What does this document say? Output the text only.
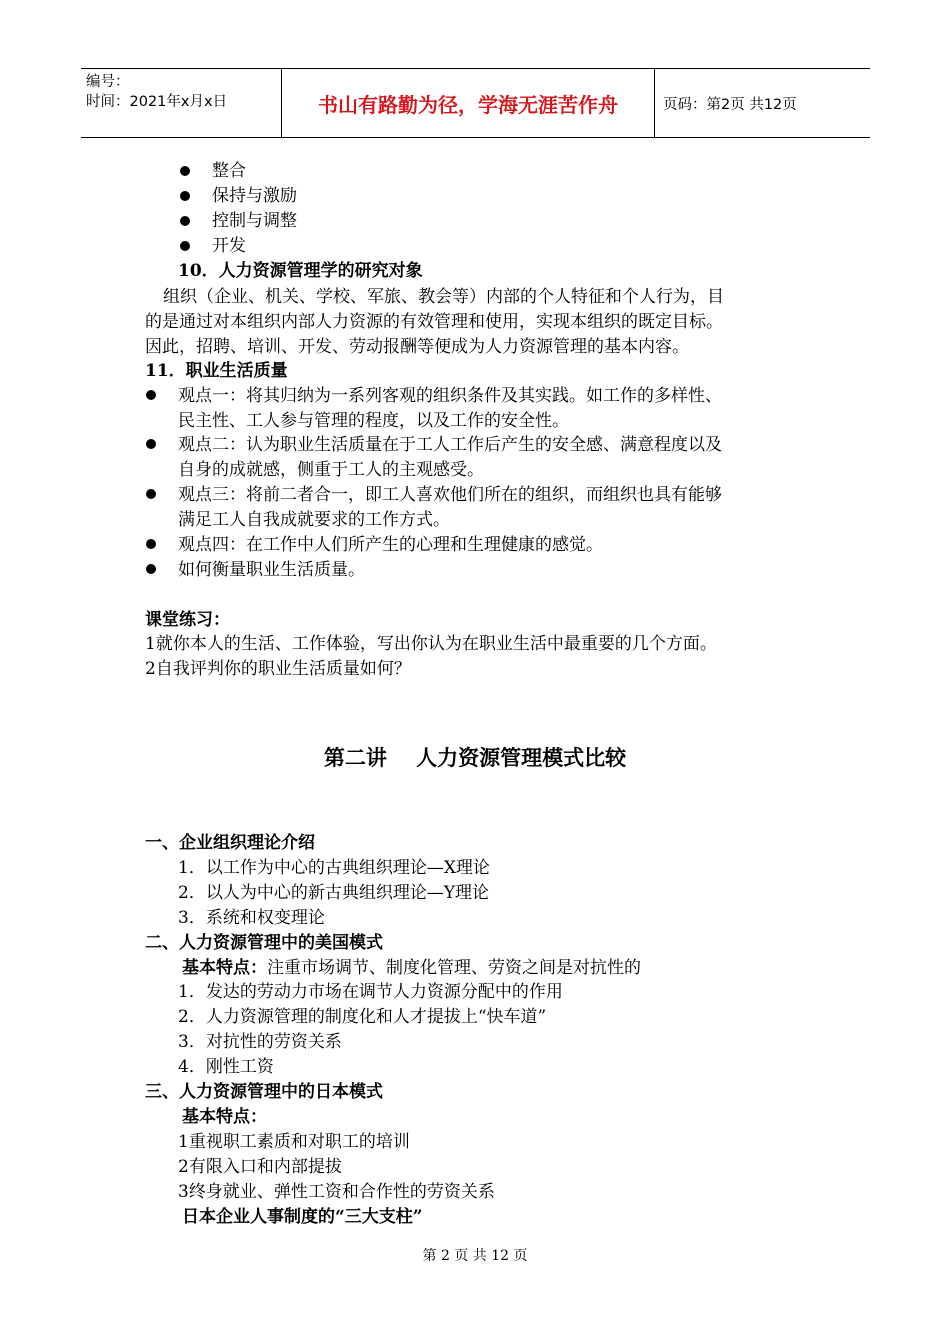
编号：
时间：2021年x月x日	书山有路勤为径，学海无涯苦作舟	页码：第2页 共12页
整合
保持与激励
控制与调整
开发
10．人力资源管理学的研究对象
组织（企业、机关、学校、军旅、教会等）内部的个人特征和个人行为，目
的是通过对本组织内部人力资源的有效管理和使用，实现本组织的既定目标。
因此，招聘、培训、开发、劳动报酬等便成为人力资源管理的基本内容。
11．职业生活质量
观点一：将其归纳为一系列客观的组织条件及其实践。如工作的多样性、
民主性、工人参与管理的程度，以及工作的安全性。
观点二：认为职业生活质量在于工人工作后产生的安全感、满意程度以及
自身的成就感，侧重于工人的主观感受。
观点三：将前二者合一，即工人喜欢他们所在的组织，而组织也具有能够
满足工人自我成就要求的工作方式。
观点四：在工作中人们所产生的心理和生理健康的感觉。
如何衡量职业生活质量。
课堂练习：
1就你本人的生活、工作体验，写出你认为在职业生活中最重要的几个方面。
2自我评判你的职业生活质量如何？
第二讲    人力资源管理模式比较
一、企业组织理论介绍
1．以工作为中心的古典组织理论—X理论
2．以人为中心的新古典组织理论—Y理论
3．系统和权变理论
二、人力资源管理中的美国模式
基本特点：注重市场调节、制度化管理、劳资之间是对抗性的
1．发达的劳动力市场在调节人力资源分配中的作用
2．人力资源管理的制度化和人才提拔上“快车道”
3．对抗性的劳资关系
4．刚性工资
三、人力资源管理中的日本模式
基本特点：
1重视职工素质和对职工的培训
2有限入口和内部提拔
3终身就业、弹性工资和合作性的劳资关系
日本企业人事制度的“三大支柱”
第 2 页 共 12 页
